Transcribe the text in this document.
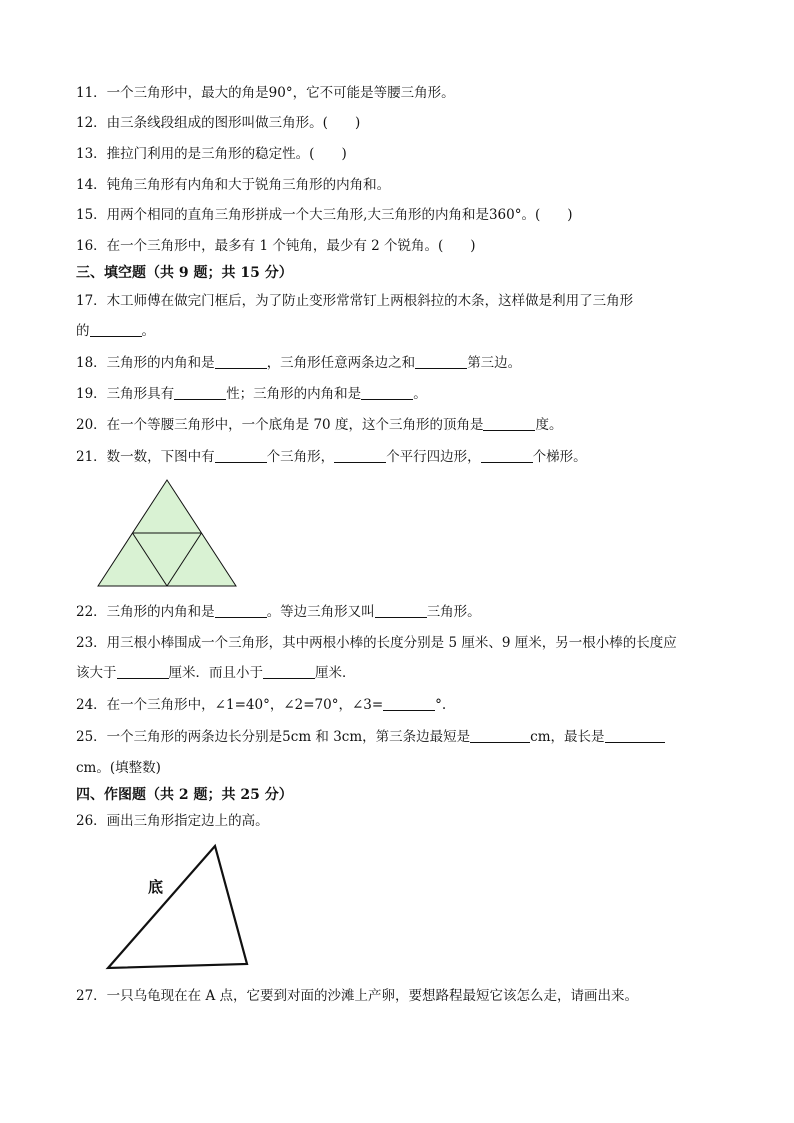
11．一个三角形中，最大的角是90°，它不可能是等腰三角形。
12．由三条线段组成的图形叫做三角形。(　　)
13．推拉门利用的是三角形的稳定性。(　　)
14．钝角三角形有内角和大于锐角三角形的内角和。
15．用两个相同的直角三角形拼成一个大三角形,大三角形的内角和是360°。(　　)
16．在一个三角形中，最多有 1 个钝角，最少有 2 个锐角。(　　)
三、填空题（共 9 题；共 15 分）
17．木工师傅在做完门框后，为了防止变形常常钉上两根斜拉的木条，这样做是利用了三角形
的	。
18．三角形的内角和是	，三角形任意两条边之和	第三边。
19．三角形具有	性；三角形的内角和是	。
20．在一个等腰三角形中，一个底角是 70 度，这个三角形的顶角是	度。
21．数一数，下图中有	个三角形，	个平行四边形，	个梯形。
22．三角形的内角和是	。等边三角形又叫	三角形。
23．用三根小棒围成一个三角形，其中两根小棒的长度分别是 5 厘米、9 厘米，另一根小棒的长度应
该大于	厘米．而且小于	厘米．
24．在一个三角形中，∠1=40°，∠2=70°，∠3=	°.
25．一个三角形的两条边长分别是5cm 和 3cm，第三条边最短是	cm，最长是
cm。(填整数)
四、作图题（共 2 题；共 25 分）
26．画出三角形指定边上的高。
底
27．一只乌龟现在在 A 点，它要到对面的沙滩上产卵，要想路程最短它该怎么走，请画出来。
